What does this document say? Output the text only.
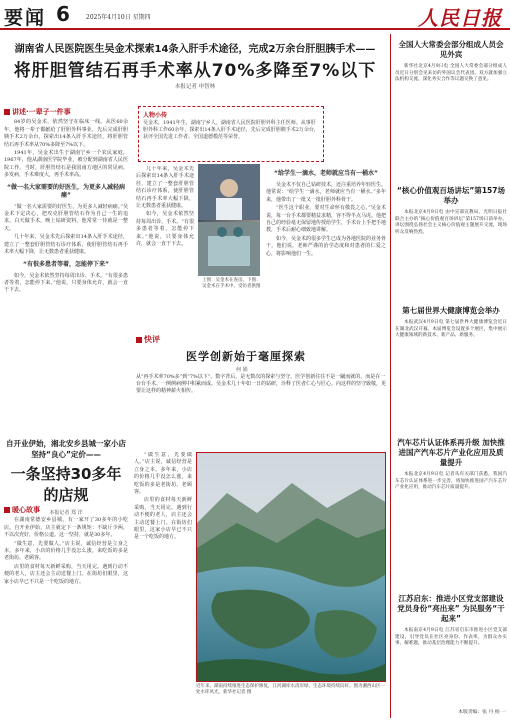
要闻 6	2025年4月10日 星期四	人民日报
湖南省人民医院医生吴金术探索14条入肝手术途径，完成2万余台肝胆胰手术——
将肝胆管结石再手术率从70%多降至7%以下
本报记者 申智林
讲述·一辈子一件事

84岁的吴金术，依然坚守在临床一线。从医60余年，他将一辈子都献给了肝胆外科事业，先后完成肝胆胰手术2万余台，探索出14条入肝手术途径，将肝胆管结石再手术率从70%多降至7%以下。

1941年，吴金术出生于湖南宁乡一个农民家庭。1967年，他从湖南医学院毕业，被分配到湖南省人民医院工作。当时，肝胆管结石是我国南方地区的常见病、多发病，手术难度大，再手术率高。

“做一名大家需要的好医生，为更多人减轻病痛”

“做一名大家需要的好医生，为更多人减轻病痛。”吴金术下定决心，把攻克肝胆管结石作为自己一生的追求。白天做手术，晚上钻研资料，他常常一待就是一整天。

几十年来，吴金术先后探索出14条入肝手术途径，建立了一整套肝胆管结石诊疗体系，使肝胆管结石再手术率大幅下降，让无数患者重获健康。

“有很多患者等着，怎能停下来”

如今，吴金术依然坚持每周出诊、手术。“有很多患者等着，怎能停下来。”他说，只要身体允许，就会一直干下去。

人物小传
吴金术，1941年生，湖南宁乡人，湖南省人民医院肝胆外科主任医师。从事肝胆外科工作60余年，探索出14条入肝手术途径，先后完成肝胆胰手术2万余台，获评全国先进工作者、全国道德模范等荣誉。

几十年来，吴金术先后探索出14条入肝手术途径，建立了一整套肝胆管结石诊疗体系，使肝胆管结石再手术率大幅下降，让无数患者重获健康。

如今，吴金术依然坚持每周出诊、手术。“有很多患者等着，怎能停下来。”他说，只要身体允许，就会一直干下去。

上图：吴金术在查房。下图：吴金术在手术中。受访者供图
“给学生一滴水，老师就应当有一桶水”

吴金术不仅自己钻研技术，还注重培养年轻医生。他常说：“给学生一滴水，老师就应当有一桶水。”多年来，他带出了一批又一批肝胆外科骨干。

“医生这个职业，要对生命怀有敬畏之心。”吴金术说，每一台手术都要精益求精，容不得半点马虎。他把自己的经验毫无保留地传授给学生，手术台上手把手地教，手术后耐心细致地讲解。

如今，吴金术的很多学生已成为各地医院的业务骨干。他们说，老师严谨的治学态度和对患者的仁爱之心，将影响他们一生。

快评
医学创新始于毫厘探索
何 娟
从“再手术率70%多”到“7%以下”，数字背后，是无数次的探索与坚守。医学创新往往不是一蹴而就的，而是在一台台手术、一例例病例中积累而成。吴金术几十年如一日的钻研，诠释了医者仁心与匠心。向这样的坚守致敬，更要让这样的精神薪火相传。
自开业伊始，湘北安乡县城一家小店坚持“良心”定价——
一条坚持30多年的店规
本报记者 郑 洋
暖心故事

在湖南常德安乡县城，有一家开了30多年的小吃店。自开业伊始，店主就定下一条规矩：不缺斤少两，不以次充好，价格公道。这一坚持，就是30多年。

“做生意，先要做人。”店主说，诚信经营是立身之本。多年来，小店的价格几乎没怎么涨，来吃饭的多是老街坊、老顾客。

店里的食材每天新鲜采购，当天用完。遇到行动不便的老人，店主还会主动送餐上门。在街坊们眼里，这家小店早已不只是一个吃饭的地方。

“做生意，先要做人。”店主说，诚信经营是立身之本。多年来，小店的价格几乎没怎么涨，来吃饭的多是老街坊、老顾客。

店里的食材每天新鲜采购，当天用完。遇到行动不便的老人，店主还会主动送餐上门。在街坊们眼里，这家小店早已不只是一个吃饭的地方。

近年来，湖南持续推进生态保护修复，江河湖库水清岸绿，生态环境持续向好。图为湘西山区一处水库风光。新华社记者 摄
全国人大常委会部分组成人员会见外宾

新华社北京4月9日电 全国人大常委会部分组成人员近日分别会见来访的外国议会代表团。双方就加强立法机构交流、深化务实合作等议题交换了意见。

“核心价值观百场讲坛”第157场举办

本报北京4月9日电 由中宣部宣教局、光明日报社联合主办的“核心价值观百场讲坛”第157场日前举办。讲坛围绕弘扬社会主义核心价值观主题展开交流，现场听众反响热烈。

第七届世界大健康博览会举办

本报武汉4月9日电 第七届世界大健康博览会近日在湖北武汉开幕。本届博览会设置多个展区，集中展示大健康领域的新技术、新产品、新服务。

汽车芯片认证体系再升级 加快推进国产汽车芯片产业化应用及质量提升

本报北京4月9日电 记者从有关部门获悉，我国汽车芯片认证体系进一步完善，将加快推进国产汽车芯片产业化应用，推动汽车芯片质量提升。

江苏启东：推进小区党支部建设 党员身份“亮出来” 为民服务“干起来”

本报南京4月9日电 江苏省启东市推进小区党支部建设，引导党员在社区亮身份、作表率，为群众办实事、解难题，推动基层治理能力不断提升。

本版责编：张 丹 杨 一
